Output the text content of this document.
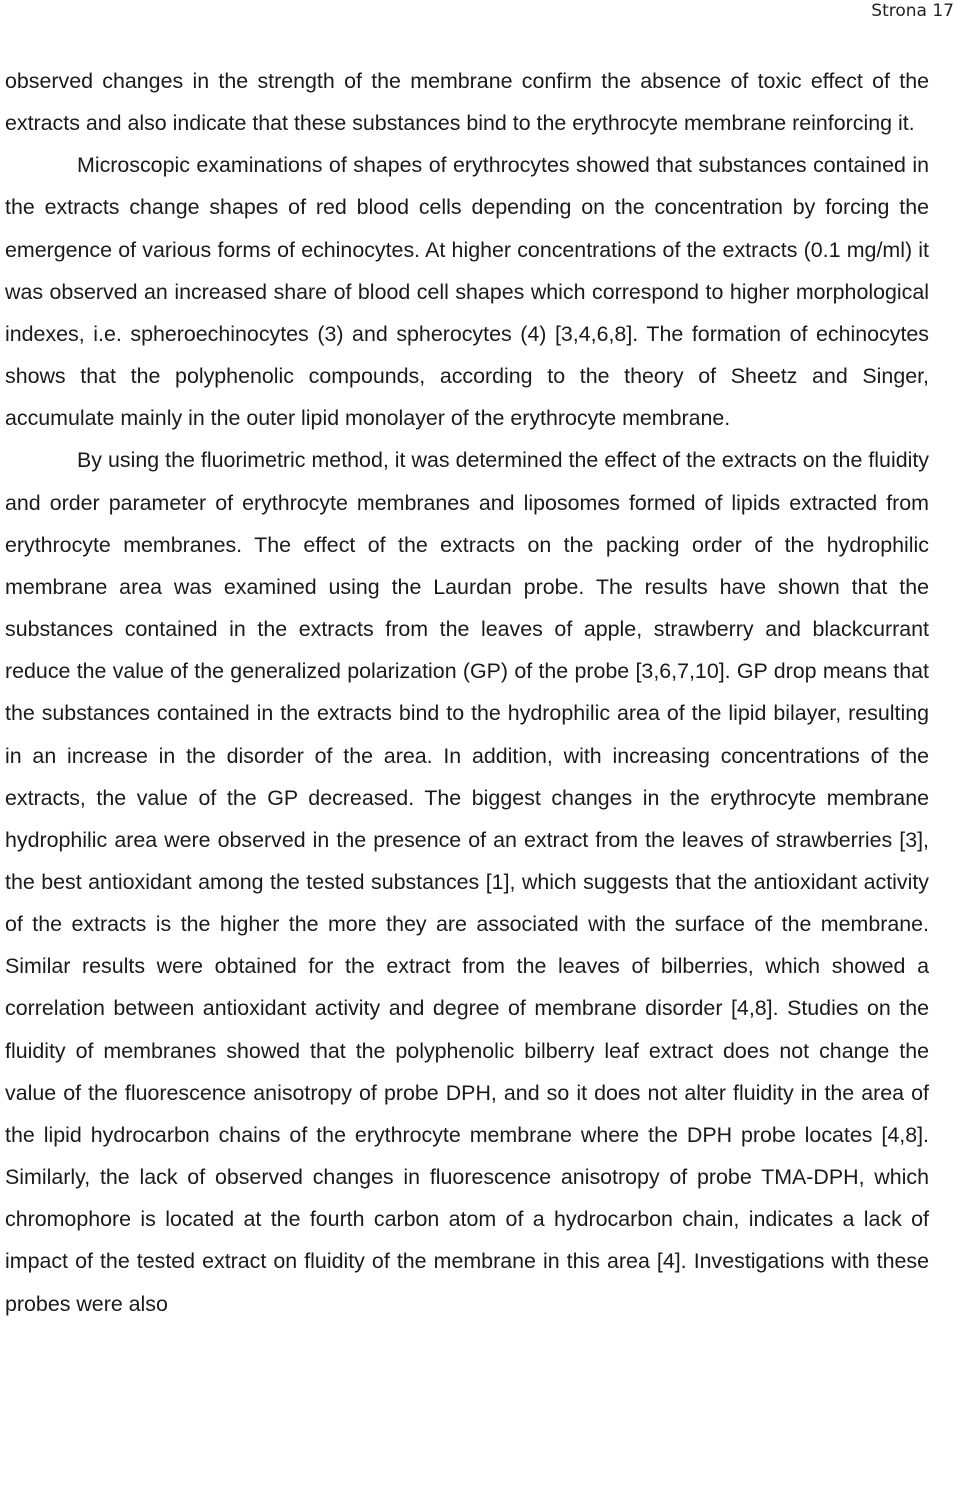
Strona 17

observed changes in the strength of the membrane confirm the absence of toxic effect of the extracts and also indicate that these substances bind to the erythrocyte membrane reinforcing it.

Microscopic examinations of shapes of erythrocytes showed that substances contained in the extracts change shapes of red blood cells depending on the concentration by forcing the emergence of various forms of echinocytes. At higher concentrations of the extracts (0.1 mg/ml) it was observed an increased share of blood cell shapes which correspond to higher morphological indexes, i.e. spheroechinocytes (3) and spherocytes (4) [3,4,6,8]. The formation of echinocytes shows that the polyphenolic compounds, according to the theory of Sheetz and Singer, accumulate mainly in the outer lipid monolayer of the erythrocyte membrane.

By using the fluorimetric method, it was determined the effect of the extracts on the fluidity and order parameter of erythrocyte membranes and liposomes formed of lipids extracted from erythrocyte membranes. The effect of the extracts on the packing order of the hydrophilic membrane area was examined using the Laurdan probe. The results have shown that the substances contained in the extracts from the leaves of apple, strawberry and blackcurrant reduce the value of the generalized polarization (GP) of the probe [3,6,7,10]. GP drop means that the substances contained in the extracts bind to the hydrophilic area of the lipid bilayer, resulting in an increase in the disorder of the area. In addition, with increasing concentrations of the extracts, the value of the GP decreased. The biggest changes in the erythrocyte membrane hydrophilic area were observed in the presence of an extract from the leaves of strawberries [3], the best antioxidant among the tested substances [1], which suggests that the antioxidant activity of the extracts is the higher the more they are associated with the surface of the membrane. Similar results were obtained for the extract from the leaves of bilberries, which showed a correlation between antioxidant activity and degree of membrane disorder [4,8]. Studies on the fluidity of membranes showed that the polyphenolic bilberry leaf extract does not change the value of the fluorescence anisotropy of probe DPH, and so it does not alter fluidity in the area of the lipid hydrocarbon chains of the erythrocyte membrane where the DPH probe locates [4,8]. Similarly, the lack of observed changes in fluorescence anisotropy of probe TMA-DPH, which chromophore is located at the fourth carbon atom of a hydrocarbon chain, indicates a lack of impact of the tested extract on fluidity of the membrane in this area [4]. Investigations with these probes were also
